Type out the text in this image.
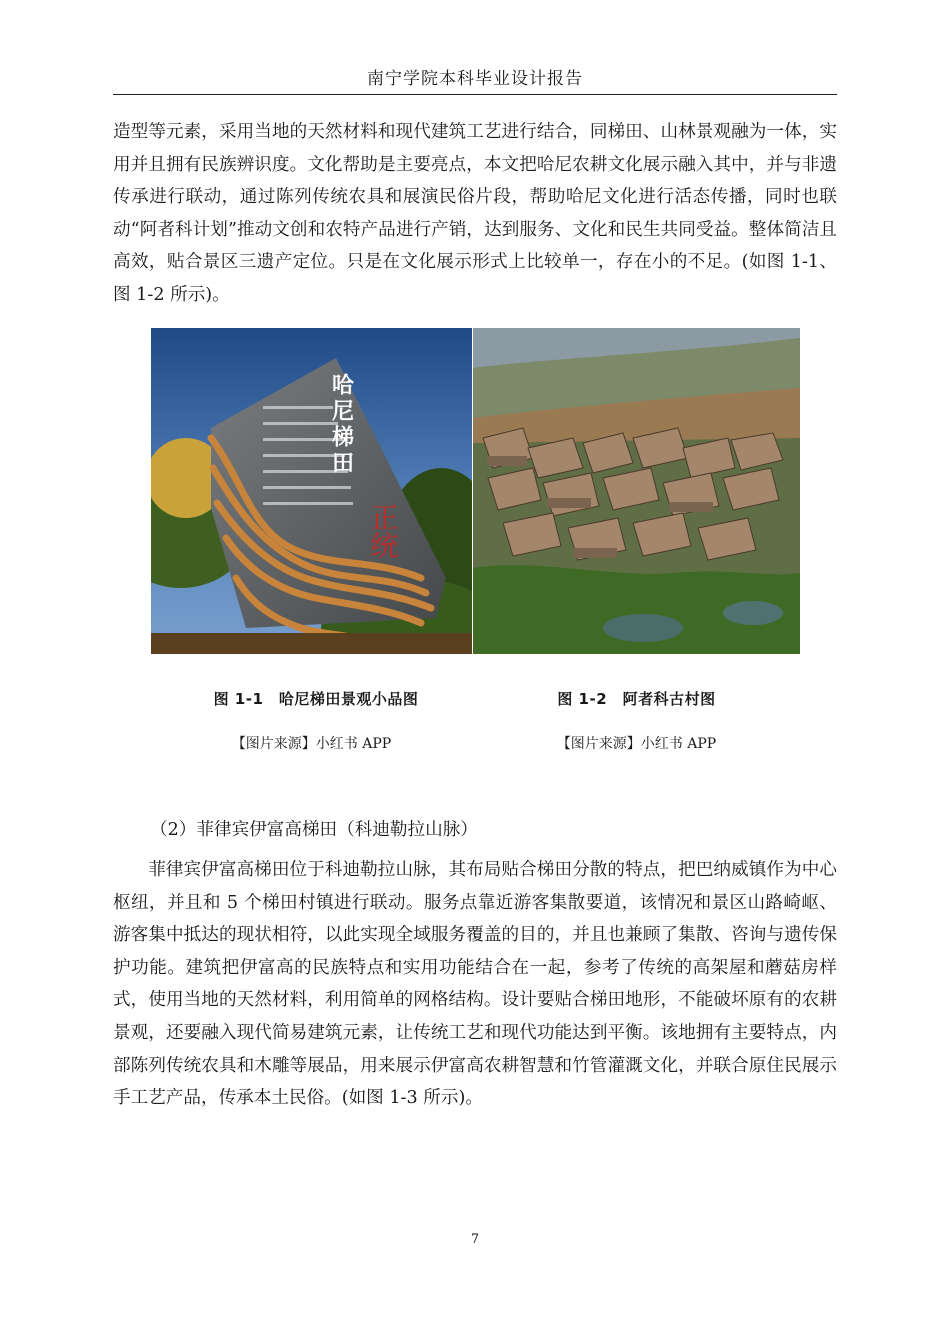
南宁学院本科毕业设计报告

造型等元素，采用当地的天然材料和现代建筑工艺进行结合，同梯田、山林景观融为一体，实用并且拥有民族辨识度。文化帮助是主要亮点，本文把哈尼农耕文化展示融入其中，并与非遗传承进行联动，通过陈列传统农具和展演民俗片段，帮助哈尼文化进行活态传播，同时也联动“阿者科计划”推动文创和农特产品进行产销，达到服务、文化和民生共同受益。整体简洁且高效，贴合景区三遗产定位。只是在文化展示形式上比较单一，存在小的不足。(如图 1-1、图 1-2 所示)。

哈尼梯田
正统
图 1-1　哈尼梯田景观小品图	图 1-2　阿者科古村图
【图片来源】小红书 APP	【图片来源】小红书 APP

（2）菲律宾伊富高梯田（科迪勒拉山脉）

菲律宾伊富高梯田位于科迪勒拉山脉，其布局贴合梯田分散的特点，把巴纳威镇作为中心枢纽，并且和 5 个梯田村镇进行联动。服务点靠近游客集散要道，该情况和景区山路崎岖、游客集中抵达的现状相符，以此实现全域服务覆盖的目的，并且也兼顾了集散、咨询与遗传保护功能。建筑把伊富高的民族特点和实用功能结合在一起，参考了传统的高架屋和蘑菇房样式，使用当地的天然材料，利用简单的网格结构。设计要贴合梯田地形，不能破坏原有的农耕景观，还要融入现代简易建筑元素，让传统工艺和现代功能达到平衡。该地拥有主要特点，内部陈列传统农具和木雕等展品，用来展示伊富高农耕智慧和竹管灌溉文化，并联合原住民展示手工艺产品，传承本土民俗。(如图 1-3 所示)。

7
